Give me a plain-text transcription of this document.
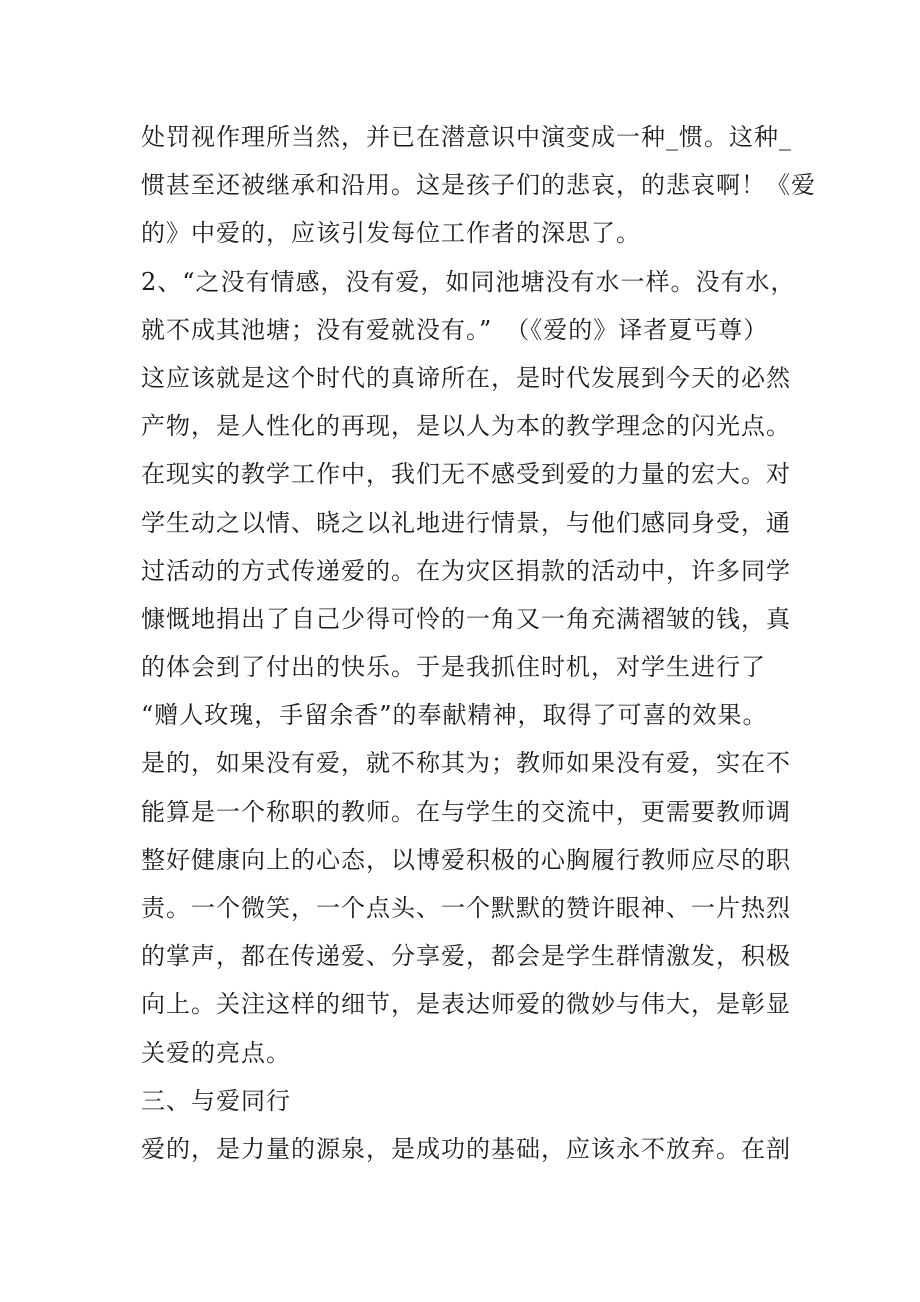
处罚视作理所当然，并已在潜意识中演变成一种_惯。这种_
惯甚至还被继承和沿用。这是孩子们的悲哀，的悲哀啊！《爱
的》中爱的，应该引发每位工作者的深思了。
2、“之没有情感，没有爱，如同池塘没有水一样。没有水，
就不成其池塘；没有爱就没有。”　（《爱的》译者夏丐尊）
这应该就是这个时代的真谛所在，是时代发展到今天的必然
产物，是人性化的再现，是以人为本的教学理念的闪光点。
在现实的教学工作中，我们无不感受到爱的力量的宏大。对
学生动之以情、晓之以礼地进行情景，与他们感同身受，通
过活动的方式传递爱的。在为灾区捐款的活动中，许多同学
慷慨地捐出了自己少得可怜的一角又一角充满褶皱的钱，真
的体会到了付出的快乐。于是我抓住时机，对学生进行了
“赠人玫瑰，手留余香”的奉献精神，取得了可喜的效果。
是的，如果没有爱，就不称其为；教师如果没有爱，实在不
能算是一个称职的教师。在与学生的交流中，更需要教师调
整好健康向上的心态，以博爱积极的心胸履行教师应尽的职
责。一个微笑，一个点头、一个默默的赞许眼神、一片热烈
的掌声，都在传递爱、分享爱，都会是学生群情激发，积极
向上。关注这样的细节，是表达师爱的微妙与伟大，是彰显
关爱的亮点。
三、与爱同行
爱的，是力量的源泉，是成功的基础，应该永不放弃。在剖
